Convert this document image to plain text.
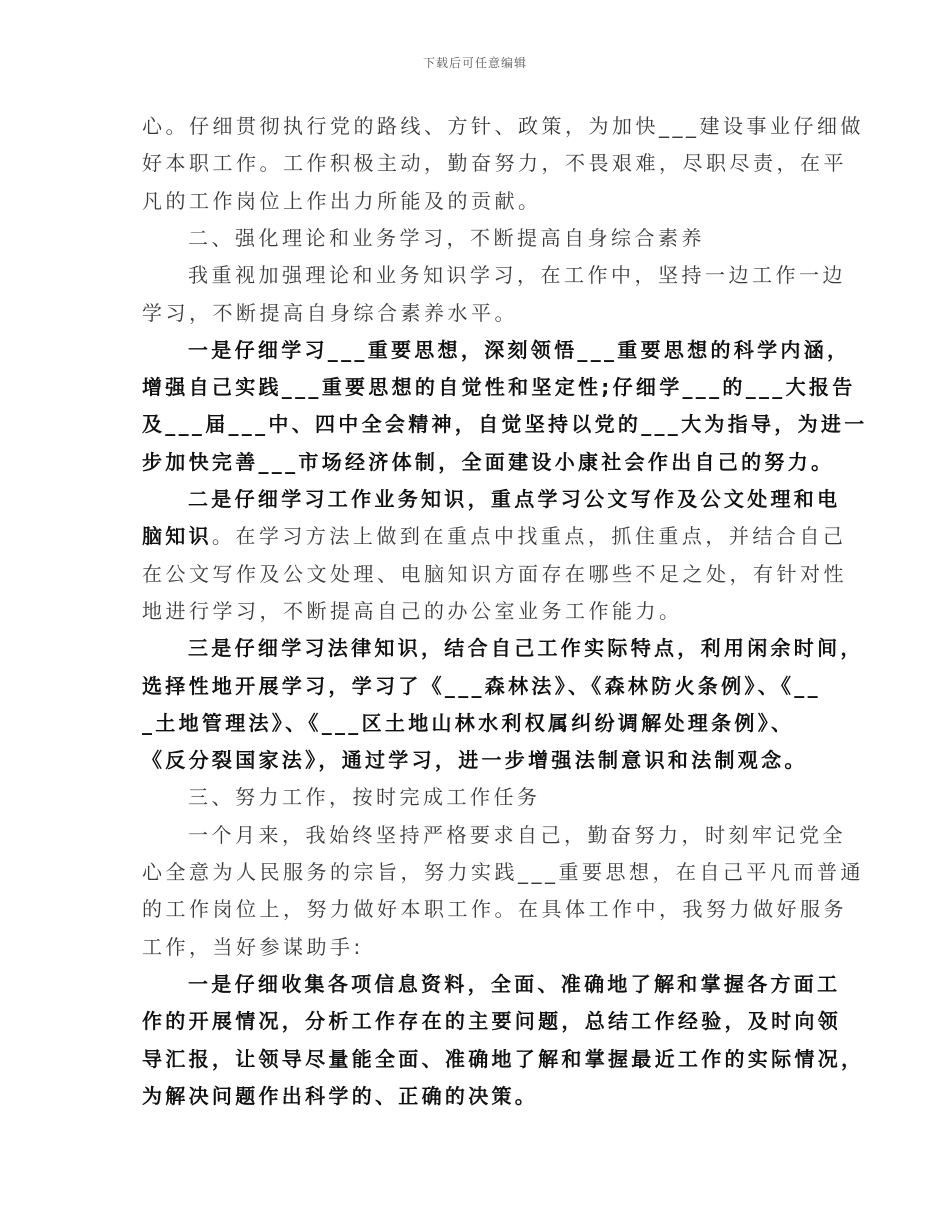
下载后可任意编辑
心。仔细贯彻执行党的路线、方针、政策，为加快___建设事业仔细做
好本职工作。工作积极主动，勤奋努力，不畏艰难，尽职尽责，在平
凡的工作岗位上作出力所能及的贡献。
二、强化理论和业务学习，不断提高自身综合素养
我重视加强理论和业务知识学习，在工作中，坚持一边工作一边
学习，不断提高自身综合素养水平。
一是仔细学习___重要思想，深刻领悟___重要思想的科学内涵，
增强自己实践___重要思想的自觉性和坚定性;仔细学___的___大报告
及___届___中、四中全会精神，自觉坚持以党的___大为指导，为进一
步加快完善___市场经济体制，全面建设小康社会作出自己的努力。
二是仔细学习工作业务知识，重点学习公文写作及公文处理和电
脑知识。在学习方法上做到在重点中找重点，抓住重点，并结合自己
在公文写作及公文处理、电脑知识方面存在哪些不足之处，有针对性
地进行学习，不断提高自己的办公室业务工作能力。
三是仔细学习法律知识，结合自己工作实际特点，利用闲余时间，
选择性地开展学习，学习了《___森林法》、《森林防火条例》、《__
_土地管理法》、《___区土地山林水利权属纠纷调解处理条例》、
《反分裂国家法》，通过学习，进一步增强法制意识和法制观念。
三、努力工作，按时完成工作任务
一个月来，我始终坚持严格要求自己，勤奋努力，时刻牢记党全
心全意为人民服务的宗旨，努力实践___重要思想，在自己平凡而普通
的工作岗位上，努力做好本职工作。在具体工作中，我努力做好服务
工作，当好参谋助手:
一是仔细收集各项信息资料，全面、准确地了解和掌握各方面工
作的开展情况，分析工作存在的主要问题，总结工作经验，及时向领
导汇报，让领导尽量能全面、准确地了解和掌握最近工作的实际情况，
为解决问题作出科学的、正确的决策。
